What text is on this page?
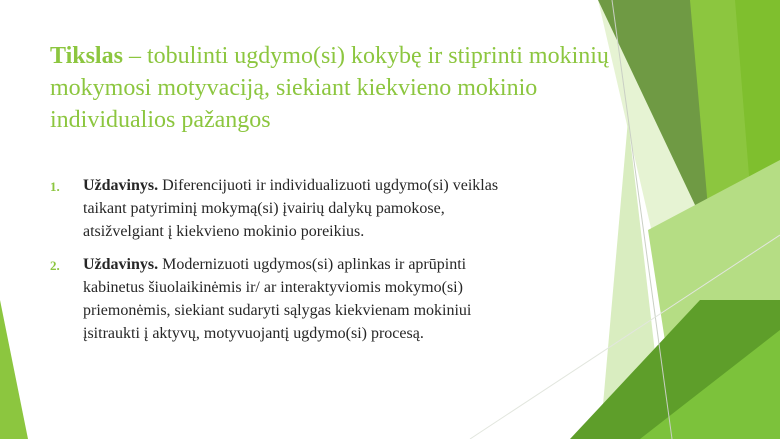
Tikslas – tobulinti ugdymo(si) kokybę ir stiprinti mokinių mokymosi motyvaciją, siekiant kiekvieno mokinio individualios pažangos
1. Uždavinys. Diferencijuoti ir individualizuoti ugdymo(si) veiklas
taikant patyriminį mokymą(si) įvairių dalykų pamokose,
atsižvelgiant į kiekvieno mokinio poreikius.
2. Uždavinys. Modernizuoti ugdymos(si) aplinkas ir aprūpinti
kabinetus šiuolaikinėmis ir/ ar interaktyviomis mokymo(si)
priemonėmis, siekiant sudaryti sąlygas kiekvienam mokiniui
įsitraukti į aktyvų, motyvuojantį ugdymo(si) procesą.
